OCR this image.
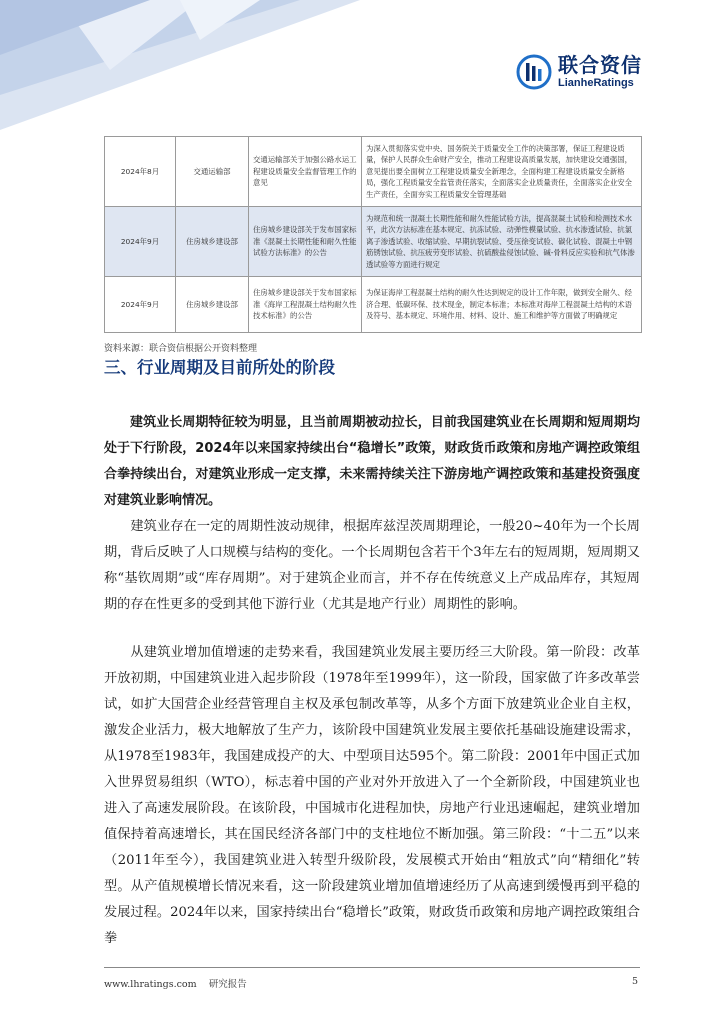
联合资信
LianheRatings
2024年8月	交通运输部	交通运输部关于加强公路水运工程建设质量安全监督管理工作的意见	为深入贯彻落实党中央、国务院关于质量安全工作的决策部署，保证工程建设质量，保护人民群众生命财产安全，推动工程建设高质量发展，加快建设交通强国，意见提出要全面树立工程建设质量安全新理念，全面构建工程建设质量安全新格局，强化工程质量安全监管责任落实，全面落实企业质量责任，全面落实企业安全生产责任，全面夯实工程质量安全管理基础
2024年9月	住房城乡建设部	住房城乡建设部关于发布国家标准《混凝土长期性能和耐久性能试验方法标准》的公告	为规范和统一混凝土长期性能和耐久性能试验方法，提高混凝土试验和检测技术水平，此次方法标准在基本规定、抗冻试验、动弹性模量试验、抗水渗透试验、抗氯离子渗透试验、收缩试验、早期抗裂试验、受压徐变试验、碳化试验、混凝土中钢筋锈蚀试验、抗压疲劳变形试验、抗硫酸盐侵蚀试验、碱-骨料反应实验和抗气体渗透试验等方面进行规定
2024年9月	住房城乡建设部	住房城乡建设部关于发布国家标准《海岸工程混凝土结构耐久性技术标准》的公告	为保证海岸工程混凝土结构的耐久性达到规定的设计工作年限，做到安全耐久、经济合理、低碳环保、技术现金，制定本标准；本标准对海岸工程混凝土结构的术语及符号、基本规定、环境作用、材料、设计、施工和维护等方面做了明确规定
资料来源：联合资信根据公开资料整理
三、行业周期及目前所处的阶段

建筑业长周期特征较为明显，且当前周期被动拉长，目前我国建筑业在长周期和短周期均处于下行阶段，2024年以来国家持续出台“稳增长”政策，财政货币政策和房地产调控政策组合拳持续出台，对建筑业形成一定支撑，未来需持续关注下游房地产调控政策和基建投资强度对建筑业影响情况。

建筑业存在一定的周期性波动规律，根据库兹涅茨周期理论，一般20~40年为一个长周期，背后反映了人口规模与结构的变化。一个长周期包含若干个3年左右的短周期，短周期又称“基钦周期”或“库存周期”。对于建筑企业而言，并不存在传统意义上产成品库存，其短周期的存在性更多的受到其他下游行业（尤其是地产行业）周期性的影响。

从建筑业增加值增速的走势来看，我国建筑业发展主要历经三大阶段。第一阶段：改革开放初期，中国建筑业进入起步阶段（1978年至1999年），这一阶段，国家做了许多改革尝试，如扩大国营企业经营管理自主权及承包制改革等，从多个方面下放建筑业企业自主权，激发企业活力，极大地解放了生产力，该阶段中国建筑业发展主要依托基础设施建设需求，从1978至1983年，我国建成投产的大、中型项目达595个。第二阶段：2001年中国正式加入世界贸易组织（WTO），标志着中国的产业对外开放进入了一个全新阶段，中国建筑业也进入了高速发展阶段。在该阶段，中国城市化进程加快，房地产行业迅速崛起，建筑业增加值保持着高速增长，其在国民经济各部门中的支柱地位不断加强。第三阶段：“十二五”以来（2011年至今），我国建筑业进入转型升级阶段，发展模式开始由“粗放式”向“精细化”转型。从产值规模增长情况来看，这一阶段建筑业增加值增速经历了从高速到缓慢再到平稳的发展过程。2024年以来，国家持续出台“稳增长”政策，财政货币政策和房地产调控政策组合拳

www.lhratings.com 研究报告	5
